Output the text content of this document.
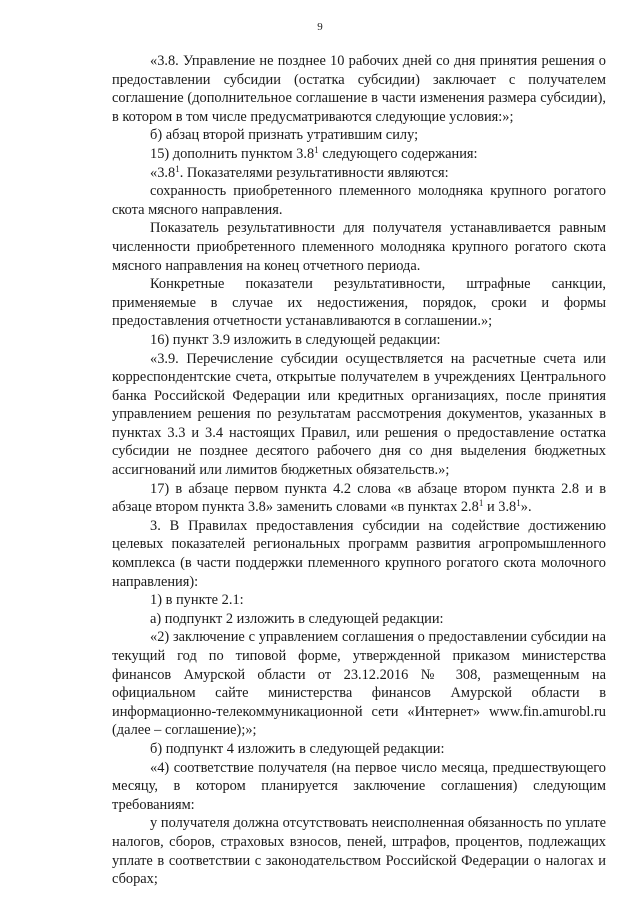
9

«3.8. Управление не позднее 10 рабочих дней со дня принятия решения о предоставлении субсидии (остатка субсидии) заключает с получателем соглашение (дополнительное соглашение в части изменения размера субсидии), в котором в том числе предусматриваются следующие условия:»;

б) абзац второй признать утратившим силу;

15) дополнить пунктом $3.8^1$ следующего содержания:

«$3.8^1$. Показателями результативности являются:

сохранность приобретенного племенного молодняка крупного рогатого скота мясного направления.

Показатель результативности для получателя устанавливается равным численности приобретенного племенного молодняка крупного рогатого скота мясного направления на конец отчетного периода.

Конкретные показатели результативности, штрафные санкции, применяемые в случае их недостижения, порядок, сроки и формы предоставления отчетности устанавливаются в соглашении.»;

16) пункт 3.9 изложить в следующей редакции:

«3.9. Перечисление субсидии осуществляется на расчетные счета или корреспондентские счета, открытые получателем в учреждениях Центрального банка Российской Федерации или кредитных организациях, после принятия управлением решения по результатам рассмотрения документов, указанных в пунктах 3.3 и 3.4 настоящих Правил, или решения о предоставление остатка субсидии не позднее десятого рабочего дня со дня выделения бюджетных ассигнований или лимитов бюджетных обязательств.»;

17) в абзаце первом пункта 4.2 слова «в абзаце втором пункта 2.8 и в абзаце втором пункта 3.8» заменить словами «в пунктах $2.8^1$ и $3.8^1$».

3. В Правилах предоставления субсидии на содействие достижению целевых показателей региональных программ развития агропромышленного комплекса (в части поддержки племенного крупного рогатого скота молочного направления):

1) в пункте 2.1:

а) подпункт 2 изложить в следующей редакции:

«2) заключение с управлением соглашения о предоставлении субсидии на текущий год по типовой форме, утвержденной приказом министерства финансов Амурской области от 23.12.2016 № 308, размещенным на официальном сайте министерства финансов Амурской области в информационно-телекоммуникационной сети «Интернет» www.fin.amurobl.ru (далее – соглашение);»;

б) подпункт 4 изложить в следующей редакции:

«4) соответствие получателя (на первое число месяца, предшествующего месяцу, в котором планируется заключение соглашения) следующим требованиям:

у получателя должна отсутствовать неисполненная обязанность по уплате налогов, сборов, страховых взносов, пеней, штрафов, процентов, подлежащих уплате в соответствии с законодательством Российской Федерации о налогах и сборах;
